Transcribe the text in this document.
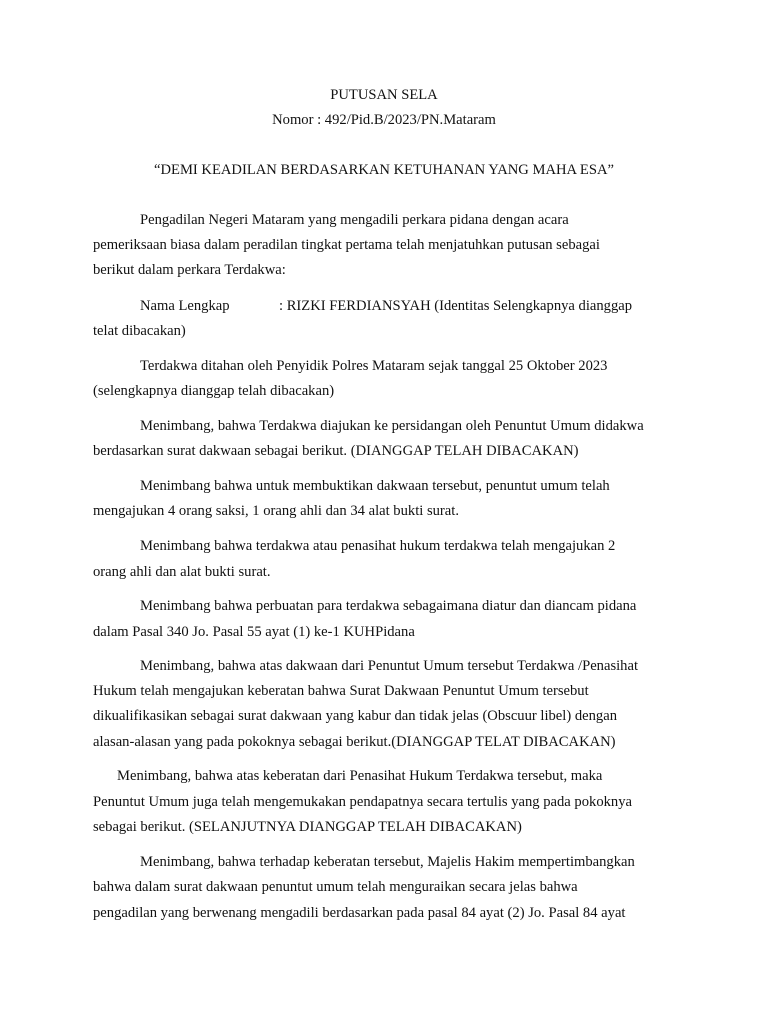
PUTUSAN SELA
Nomor : 492/Pid.B/2023/PN.Mataram
“DEMI KEADILAN BERDASARKAN KETUHANAN YANG MAHA ESA”
Pengadilan Negeri Mataram yang mengadili perkara pidana dengan acara
pemeriksaan biasa dalam peradilan tingkat pertama telah menjatuhkan putusan sebagai
berikut dalam perkara Terdakwa:
Nama Lengkap	: RIZKI FERDIANSYAH (Identitas Selengkapnya dianggap
telat dibacakan)
Terdakwa ditahan oleh Penyidik Polres Mataram sejak tanggal 25 Oktober 2023
(selengkapnya dianggap telah dibacakan)
Menimbang, bahwa Terdakwa diajukan ke persidangan oleh Penuntut Umum didakwa
berdasarkan surat dakwaan sebagai berikut. (DIANGGAP TELAH DIBACAKAN)
Menimbang bahwa untuk membuktikan dakwaan tersebut, penuntut umum telah
mengajukan 4 orang saksi, 1 orang ahli dan 34 alat bukti surat.
Menimbang bahwa terdakwa atau penasihat hukum terdakwa telah mengajukan 2
orang ahli dan alat bukti surat.
Menimbang bahwa perbuatan para terdakwa sebagaimana diatur dan diancam pidana
dalam Pasal 340 Jo. Pasal 55 ayat (1) ke-1 KUHPidana
Menimbang, bahwa atas dakwaan dari Penuntut Umum tersebut Terdakwa /Penasihat
Hukum telah mengajukan keberatan bahwa Surat Dakwaan Penuntut Umum tersebut
dikualifikasikan sebagai surat dakwaan yang kabur dan tidak jelas (Obscuur libel) dengan
alasan-alasan yang pada pokoknya sebagai berikut.(DIANGGAP TELAT DIBACAKAN)
Menimbang, bahwa atas keberatan dari Penasihat Hukum Terdakwa tersebut, maka
Penuntut Umum juga telah mengemukakan pendapatnya secara tertulis yang pada pokoknya
sebagai berikut. (SELANJUTNYA DIANGGAP TELAH DIBACAKAN)
Menimbang, bahwa terhadap keberatan tersebut, Majelis Hakim mempertimbangkan
bahwa dalam surat dakwaan penuntut umum telah menguraikan secara jelas bahwa
pengadilan yang berwenang mengadili berdasarkan pada pasal 84 ayat (2) Jo. Pasal 84 ayat
